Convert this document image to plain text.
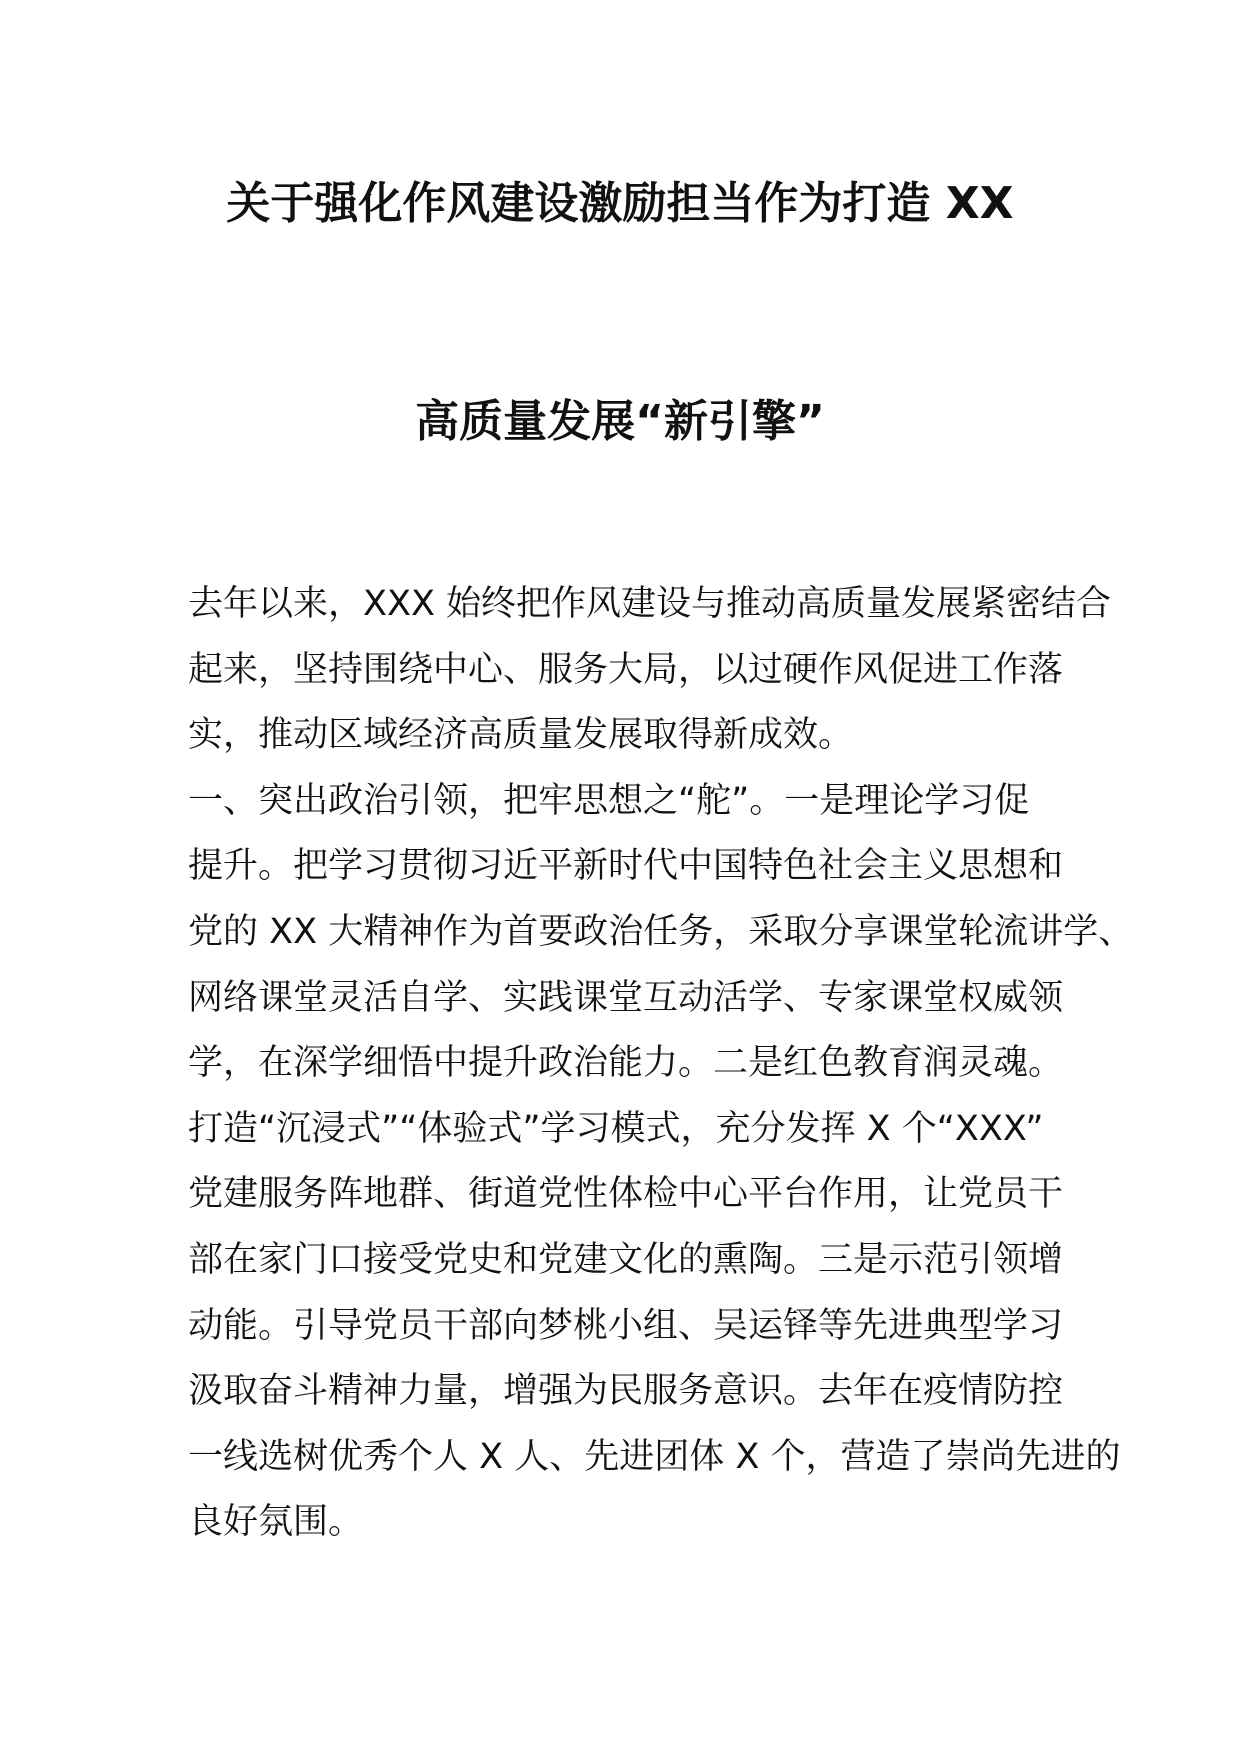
关于强化作风建设激励担当作为打造 XX
高质量发展“新引擎”
去年以来，XXX 始终把作风建设与推动高质量发展紧密结合
起来，坚持围绕中心、服务大局，以过硬作风促进工作落
实，推动区域经济高质量发展取得新成效。
一、突出政治引领，把牢思想之“舵”。一是理论学习促
提升。把学习贯彻习近平新时代中国特色社会主义思想和
党的 XX 大精神作为首要政治任务，采取分享课堂轮流讲学、
网络课堂灵活自学、实践课堂互动活学、专家课堂权威领
学，在深学细悟中提升政治能力。二是红色教育润灵魂。
打造“沉浸式”“体验式”学习模式，充分发挥 X 个“XXX”
党建服务阵地群、街道党性体检中心平台作用，让党员干
部在家门口接受党史和党建文化的熏陶。三是示范引领增
动能。引导党员干部向梦桃小组、吴运铎等先进典型学习
汲取奋斗精神力量，增强为民服务意识。去年在疫情防控
一线选树优秀个人 X 人、先进团体 X 个，营造了崇尚先进的
良好氛围。
